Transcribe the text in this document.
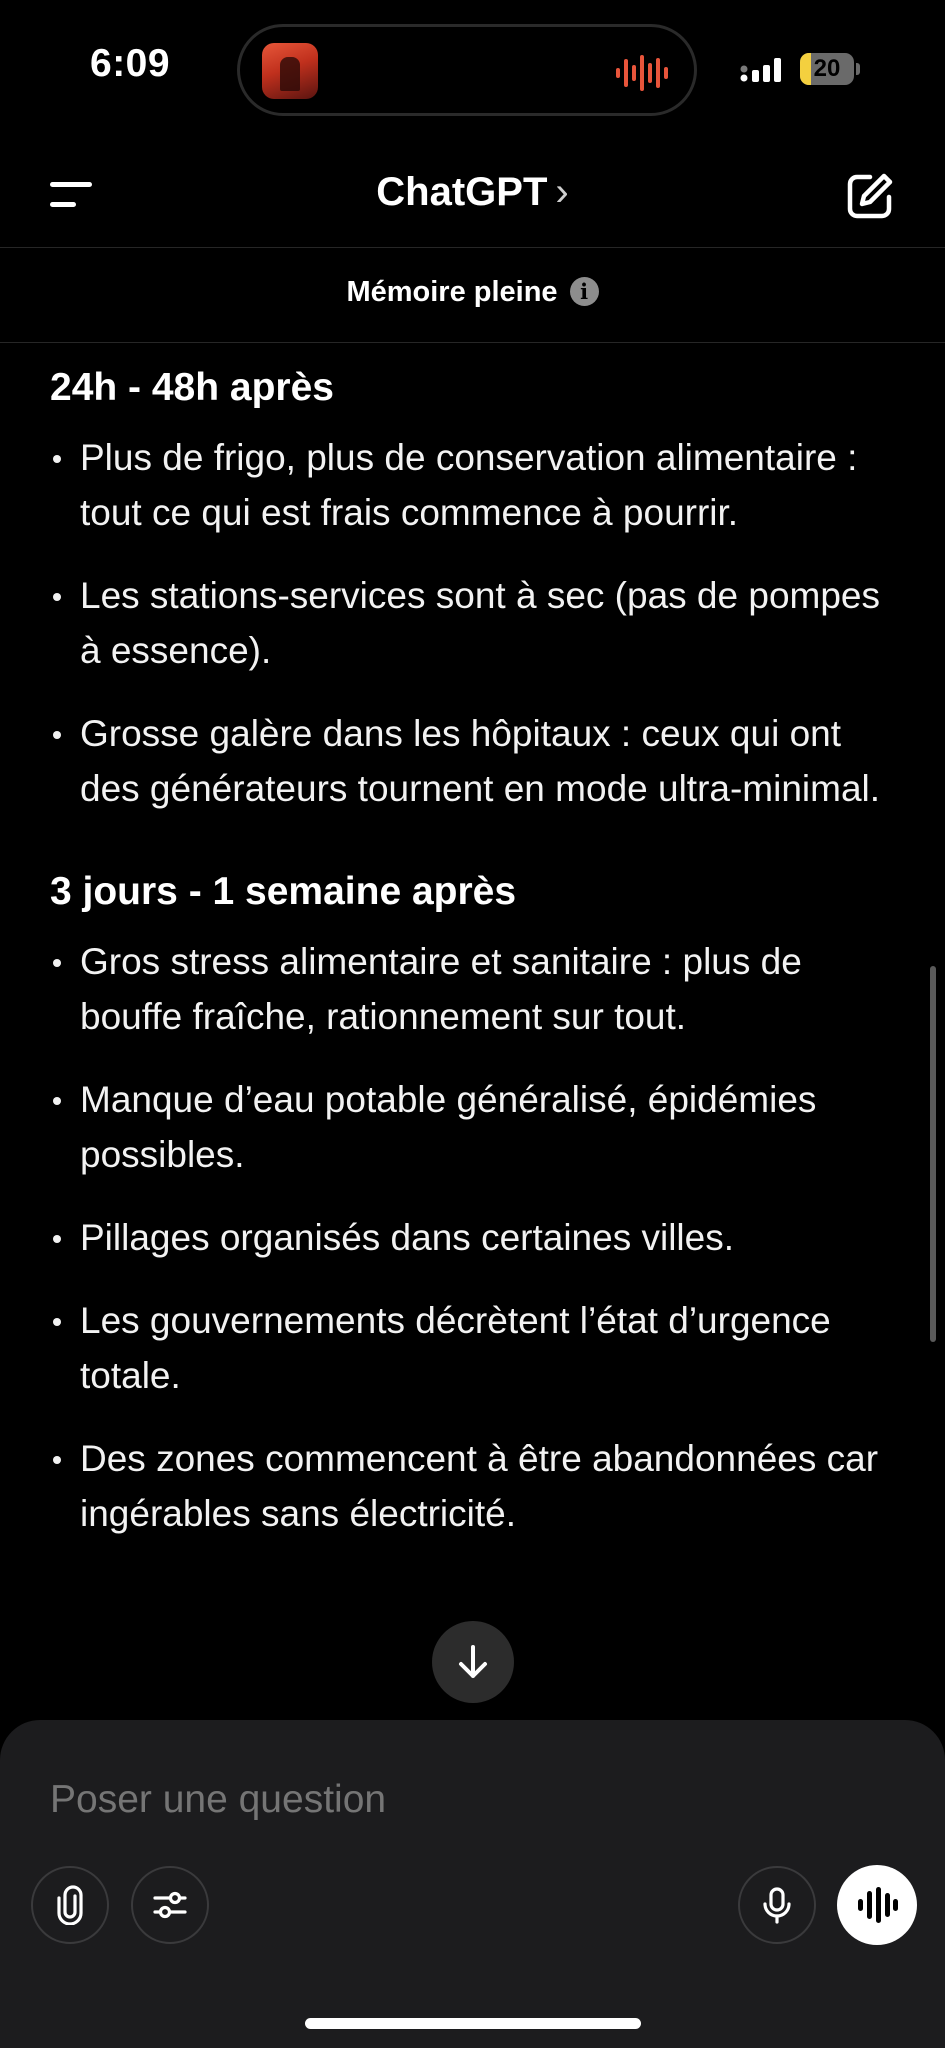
6:09	20
ChatGPT ›
Mémoire pleine i
24h - 48h après
Plus de frigo, plus de conservation alimentaire : tout ce qui est frais commence à pourrir.
Les stations-services sont à sec (pas de pompes à essence).
Grosse galère dans les hôpitaux : ceux qui ont des générateurs tournent en mode ultra-minimal.
3 jours - 1 semaine après
Gros stress alimentaire et sanitaire : plus de bouffe fraîche, rationnement sur tout.
Manque d’eau potable généralisé, épidémies possibles.
Pillages organisés dans certaines villes.
Les gouvernements décrètent l’état d’urgence totale.
Des zones commencent à être abandonnées car ingérables sans électricité.
Poser une question
